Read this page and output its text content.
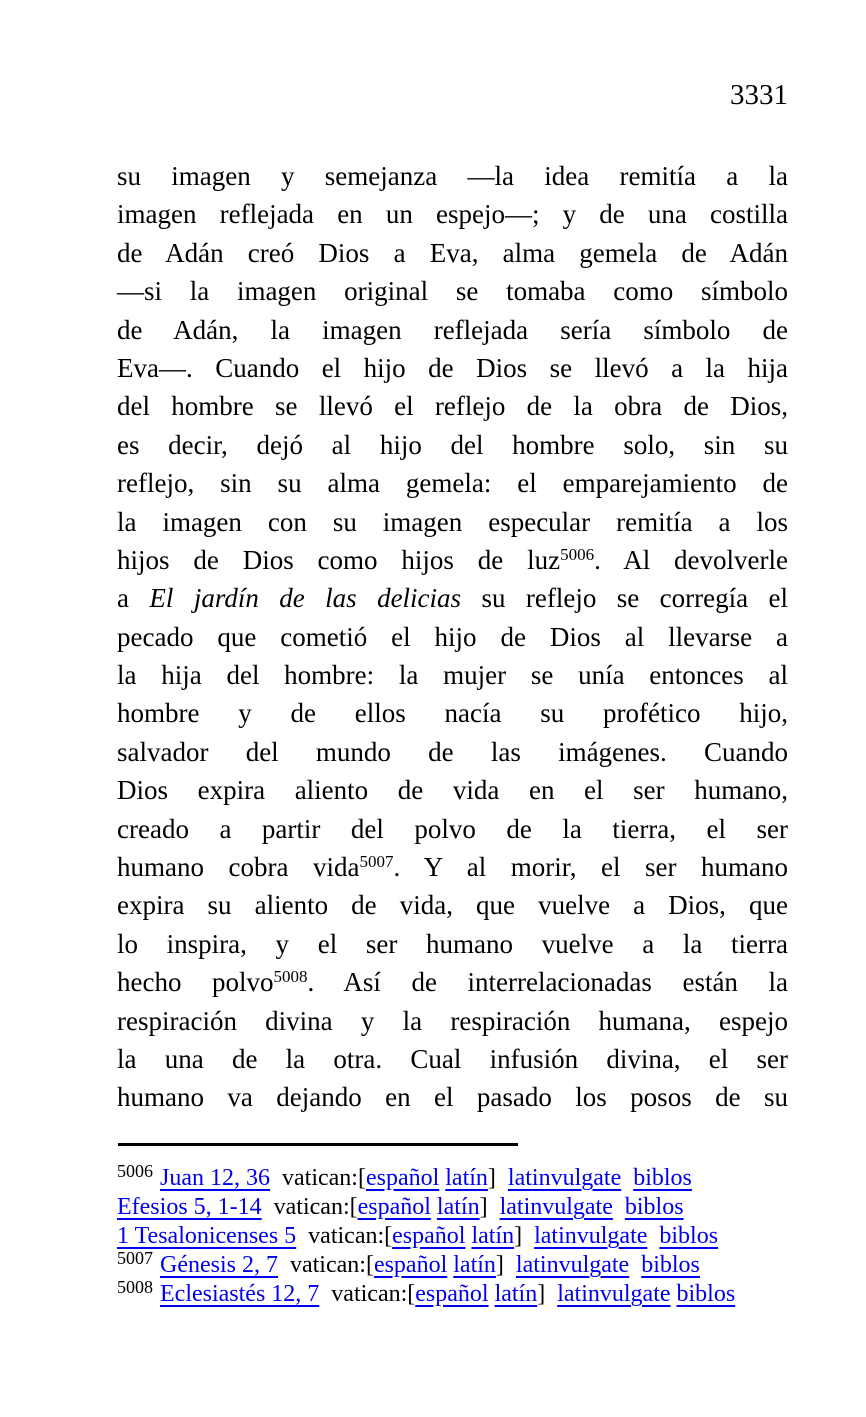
3331
su imagen y semejanza —la idea remitía a la
imagen reflejada en un espejo—; y de una costilla
de Adán creó Dios a Eva, alma gemela de Adán
—si la imagen original se tomaba como símbolo
de Adán, la imagen reflejada sería símbolo de
Eva—. Cuando el hijo de Dios se llevó a la hija
del hombre se llevó el reflejo de la obra de Dios,
es decir, dejó al hijo del hombre solo, sin su
reflejo, sin su alma gemela: el emparejamiento de
la imagen con su imagen especular remitía a los
hijos de Dios como hijos de luz$^{5006}$. Al devolverle
a El jardín de las delicias su reflejo se corregía el
pecado que cometió el hijo de Dios al llevarse a
la hija del hombre: la mujer se unía entonces al
hombre y de ellos nacía su profético hijo,
salvador del mundo de las imágenes. Cuando
Dios expira aliento de vida en el ser humano,
creado a partir del polvo de la tierra, el ser
humano cobra vida$^{5007}$. Y al morir, el ser humano
expira su aliento de vida, que vuelve a Dios, que
lo inspira, y el ser humano vuelve a la tierra
hecho polvo$^{5008}$. Así de interrelacionadas están la
respiración divina y la respiración humana, espejo
la una de la otra. Cual infusión divina, el ser
humano va dejando en el pasado los posos de su
$^{5006}$ Juan 12, 36  vatican:[español latín]  latinvulgate biblos
Efesios 5, 1-14  vatican:[español latín]  latinvulgate biblos
1 Tesalonicenses 5  vatican:[español latín]  latinvulgate biblos
$^{5007}$ Génesis 2, 7  vatican:[español latín]  latinvulgate biblos
$^{5008}$ Eclesiastés 12, 7  vatican:[español latín]  latinvulgate biblos
